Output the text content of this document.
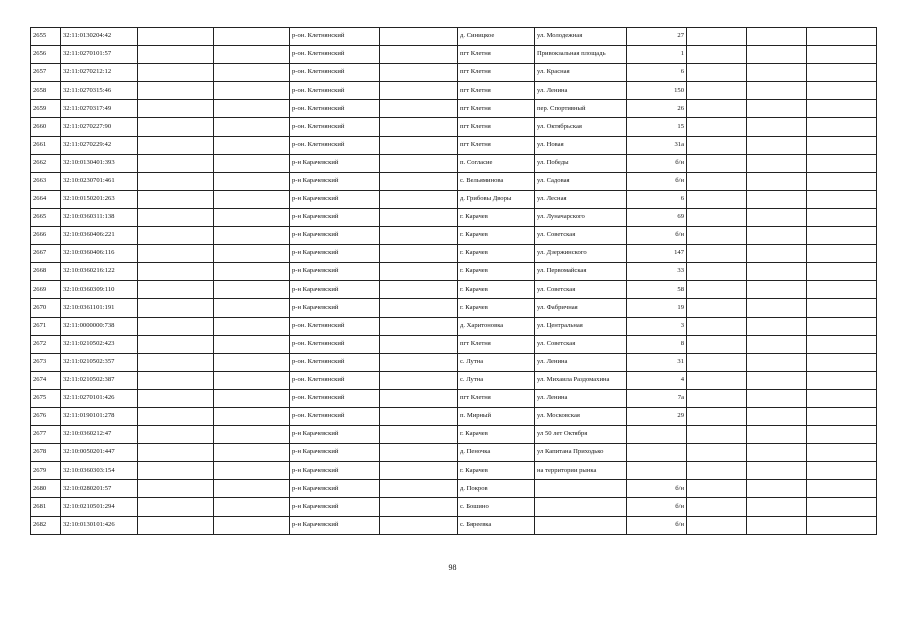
2655	32:11:0130204:42			р-он. Клетнянский		д. Синицкое	ул. Молодежная	27			
2656	32:11:0270101:57			р-он. Клетнянский		пгт Клетня	Привокзальная площадь	1			
2657	32:11:0270212:12			р-он. Клетнянский		пгт Клетня	ул. Красная	6			
2658	32:11:0270315:46			р-он. Клетнянский		пгт Клетня	ул. Ленина	150			
2659	32:11:0270317:49			р-он. Клетнянский		пгт Клетня	пер. Спортивный	26			
2660	32:11:0270227:90			р-он. Клетнянский		пгт Клетня	ул. Октябрьская	15			
2661	32:11:0270229:42			р-он. Клетнянский		пгт Клетня	ул. Новая	31а			
2662	32:10:0130401:393			р-н Карачевский		п. Согласие	ул. Победы	б/н			
2663	32:10:0230701:461			р-н Карачевский		с. Вельяминова	ул. Садовая	б/н			
2664	32:10:0150201:263			р-н Карачевский		д. Грибовы Дворы	ул. Лесная	6			
2665	32:10:0360311:138			р-н Карачевский		г. Карачев	ул. Луначарского	69			
2666	32:10:0360406:221			р-н Карачевский		г. Карачев	ул. Советская	б/н			
2667	32:10:0360406:116			р-н Карачевский		г. Карачев	ул. Дзержинского	147			
2668	32:10:0360216:122			р-н Карачевский		г. Карачев	ул. Первомайская	33			
2669	32:10:0360309:110			р-н Карачевский		г. Карачев	ул. Советская	58			
2670	32:10:0361101:191			р-н Карачевский		г. Карачев	ул. Фабричная	19			
2671	32:11:0000000:738			р-он. Клетнянский		д. Харитоновка	ул. Центральная	3			
2672	32:11:0210502:423			р-он. Клетнянский		пгт Клетня	ул. Советская	8			
2673	32:11:0210502:357			р-он. Клетнянский		с. Лутна	ул. Ленина	31			
2674	32:11:0210502:387			р-он. Клетнянский		с. Лутна	ул. Михаила Раздомахина	4			
2675	32:11:0270101:426			р-он. Клетнянский		пгт Клетня	ул. Ленина	7а			
2676	32:11:0190101:278			р-он. Клетнянский		п. Мирный	ул. Московская	29			
2677	32:10:0360212:47			р-н Карачевский		г. Карачев	ул 50 лет Октября				
2678	32:10:0050201:447			р-н Карачевский		д. Пеночка	ул Капитана Приходько				
2679	32:10:0360303:154			р-н Карачевский		г. Карачев	на территории рынка				
2680	32:10:0280201:57			р-н Карачевский		д. Покров		б/н			
2681	32:10:0210501:294			р-н Карачевский		с. Бошино		б/н			
2682	32:10:0130101:426			р-н Карачевский		с. Бяреевка		б/н			
98
